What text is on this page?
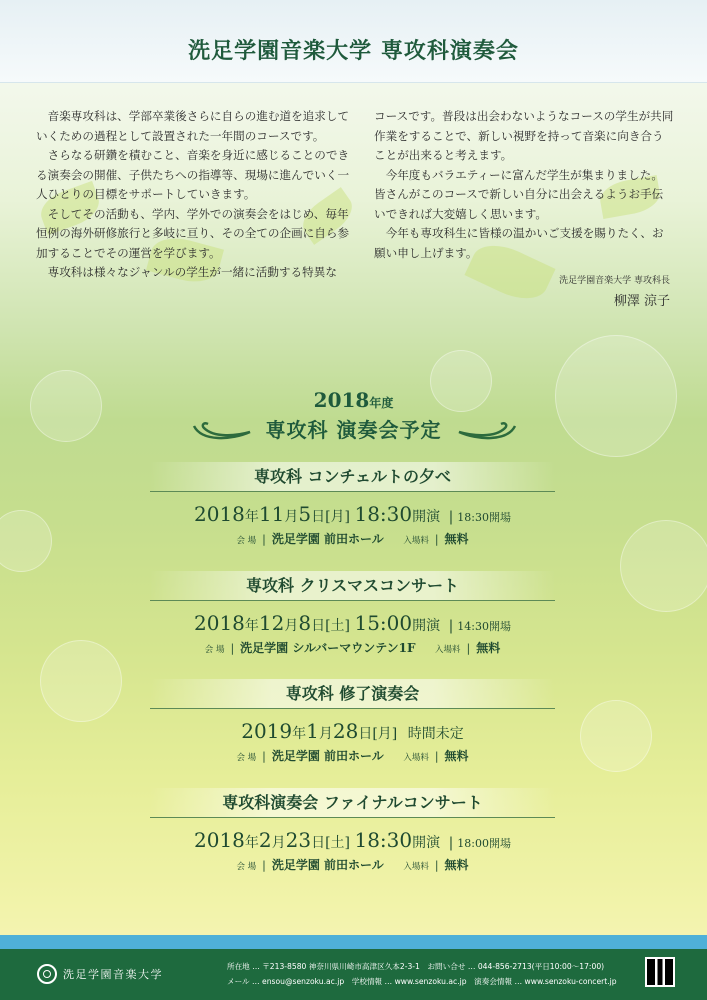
洗足学園音楽大学 専攻科演奏会

音楽専攻科は、学部卒業後さらに自らの進む道を追求していくための過程として設置された一年間のコースです。

さらなる研鑽を積むこと、音楽を身近に感じることのできる演奏会の開催、子供たちへの指導等、現場に進んでいく一人ひとりの目標をサポートしていきます。

そしてその活動も、学内、学外での演奏会をはじめ、毎年恒例の海外研修旅行と多岐に亘り、その全ての企画に自ら参加することでその運営を学びます。

専攻科は様々なジャンルの学生が一緒に活動する特異な

コースです。普段は出会わないようなコースの学生が共同作業をすることで、新しい視野を持って音楽に向き合うことが出来ると考えます。

今年度もバラエティーに富んだ学生が集まりました。皆さんがこのコースで新しい自分に出会えるようお手伝いできれば大変嬉しく思います。

今年も専攻科生に皆様の温かいご支援を賜りたく、お願い申し上げます。

洗足学園音楽大学 専攻科長
柳澤 涼子
2018年度
専攻科 演奏会予定
専攻科 コンチェルトの夕べ
2018年11月5日[月] 18:30開演 | 18:30開場
会 場 | 洗足学園 前田ホール 入場料 | 無料
専攻科 クリスマスコンサート
2018年12月8日[土] 15:00開演 | 14:30開場
会 場 | 洗足学園 シルバーマウンテン1F 入場料 | 無料
専攻科 修了演奏会
2019年1月28日[月] 時間未定
会 場 | 洗足学園 前田ホール 入場料 | 無料
専攻科演奏会 ファイナルコンサート
2018年2月23日[土] 18:30開演 | 18:00開場
会 場 | 洗足学園 前田ホール 入場料 | 無料
洗足学園音楽大学
所在地 … 〒213-8580 神奈川県川崎市高津区久本2-3-1　お問い合せ … 044-856-2713(平日10:00〜17:00)
メール … ensou@senzoku.ac.jp　学校情報 … www.senzoku.ac.jp　演奏会情報 … www.senzoku-concert.jp
